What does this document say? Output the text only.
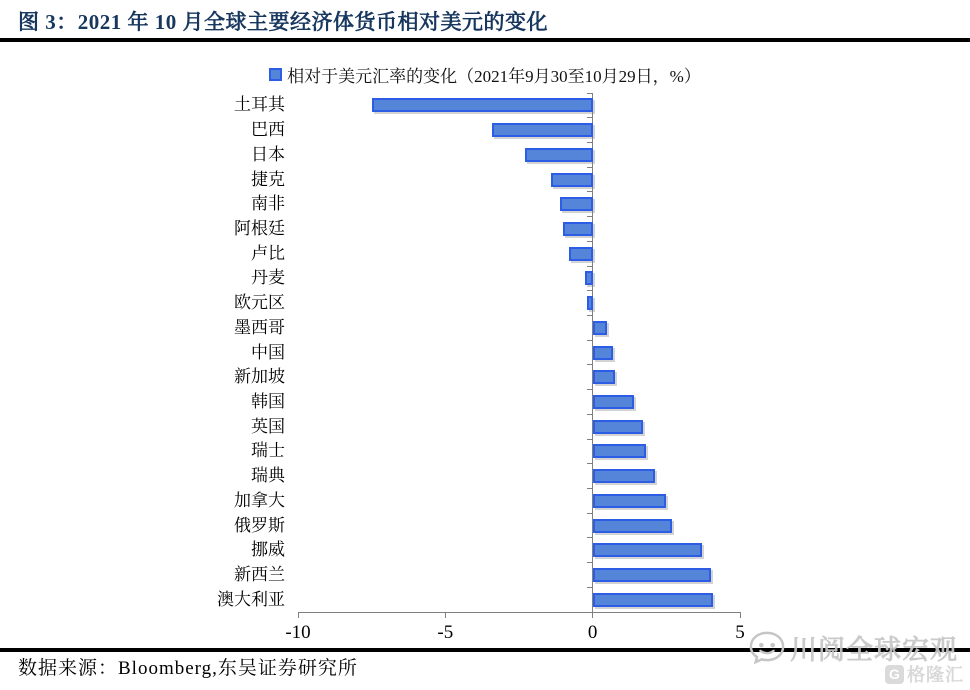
图 3：2021 年 10 月全球主要经济体货币相对美元的变化
相对于美元汇率的变化（2021年9月30至10月29日，%）
-10	-5	0	5
土耳其
巴西
日本
捷克
南非
阿根廷
卢比
丹麦
欧元区
墨西哥
中国
新加坡
韩国
英国
瑞士
瑞典
加拿大
俄罗斯
挪威
新西兰
澳大利亚
数据来源：Bloomberg,东吴证券研究所
川阅全球宏观
G 格隆汇
